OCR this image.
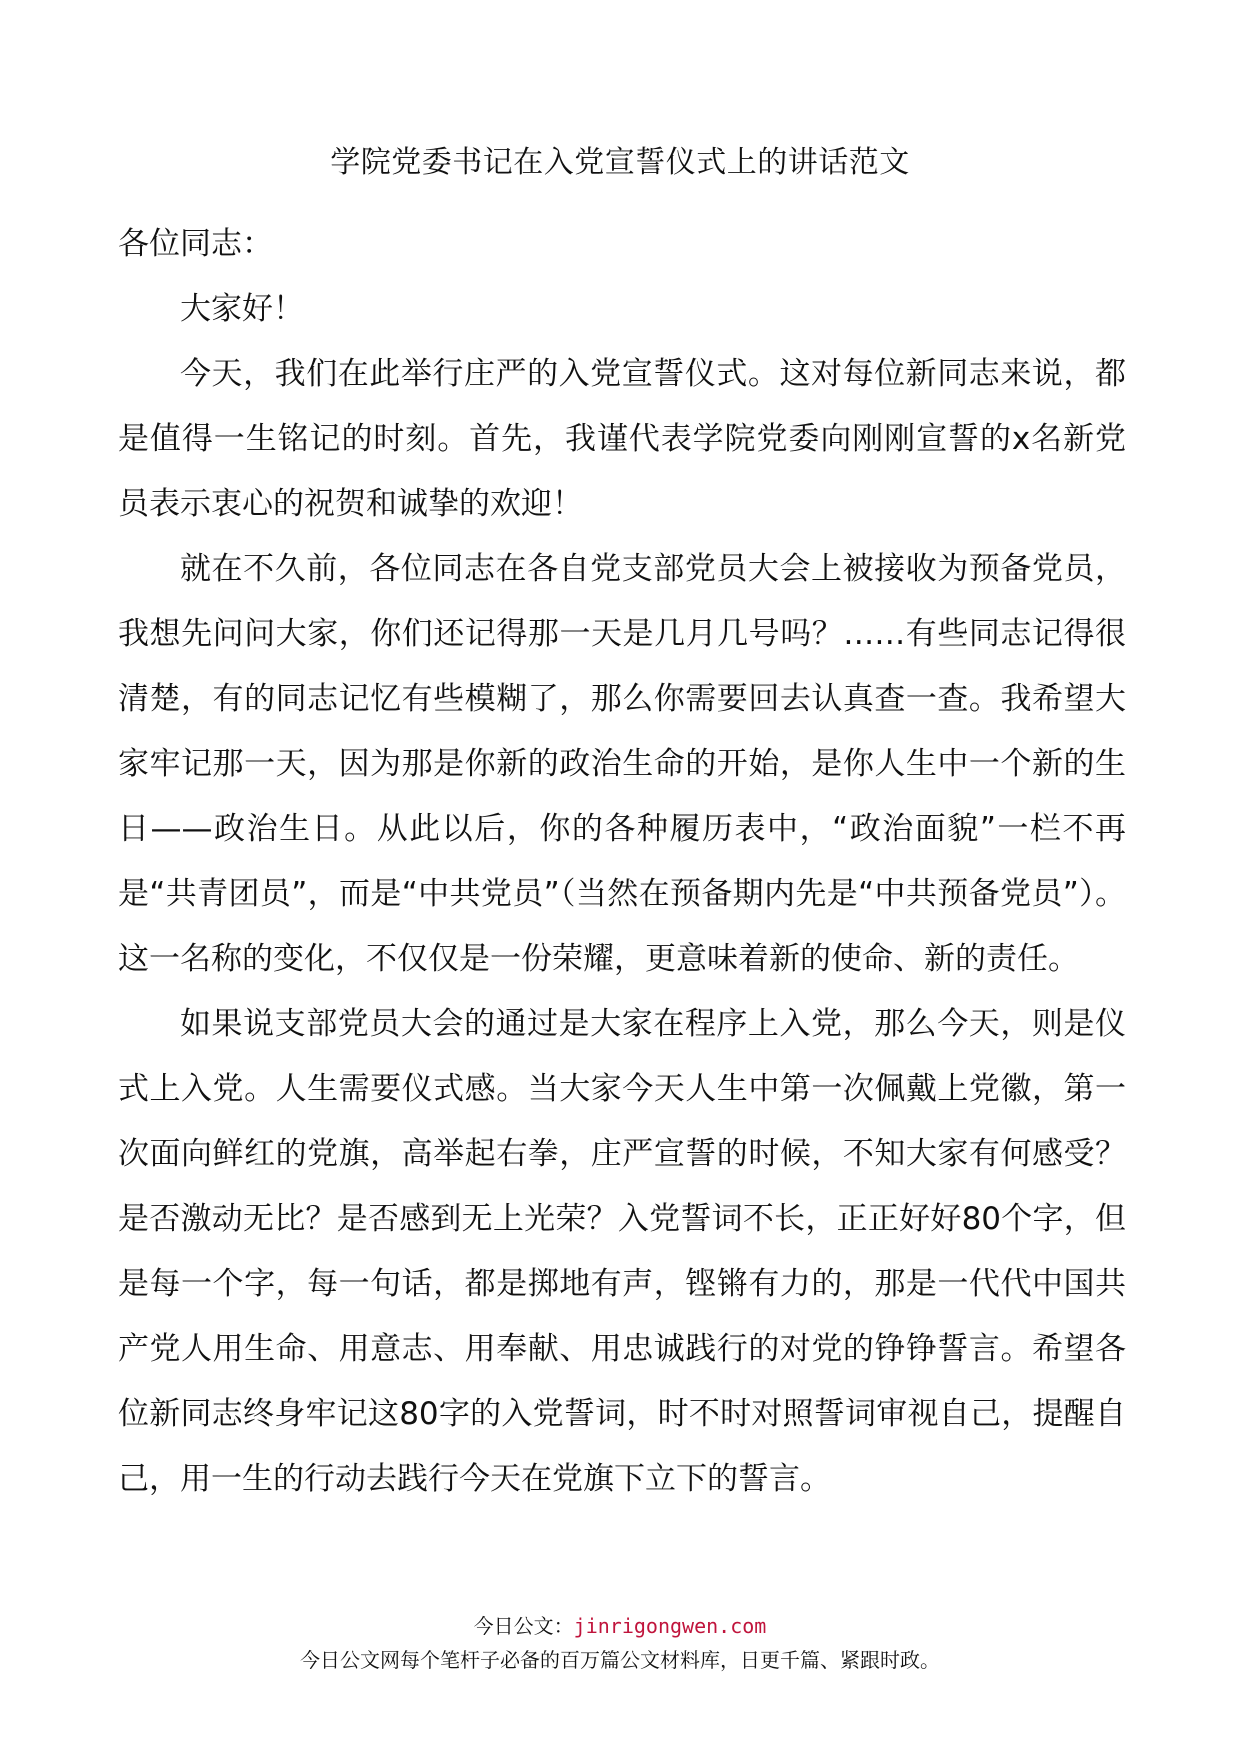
学院党委书记在入党宣誓仪式上的讲话范文

各位同志：

大家好！

今天，我们在此举行庄严的入党宣誓仪式。这对每位新同志来说，都是值得一生铭记的时刻。首先，我谨代表学院党委向刚刚宣誓的x名新党员表示衷心的祝贺和诚挚的欢迎！

就在不久前，各位同志在各自党支部党员大会上被接收为预备党员，我想先问问大家，你们还记得那一天是几月几号吗？……有些同志记得很清楚，有的同志记忆有些模糊了，那么你需要回去认真查一查。我希望大家牢记那一天，因为那是你新的政治生命的开始，是你人生中一个新的生日——政治生日。从此以后，你的各种履历表中，“政治面貌”一栏不再是“共青团员”，而是“中共党员”（当然在预备期内先是“中共预备党员”）。这一名称的变化，不仅仅是一份荣耀，更意味着新的使命、新的责任。

如果说支部党员大会的通过是大家在程序上入党，那么今天，则是仪式上入党。人生需要仪式感。当大家今天人生中第一次佩戴上党徽，第一次面向鲜红的党旗，高举起右拳，庄严宣誓的时候，不知大家有何感受？是否激动无比？是否感到无上光荣？入党誓词不长，正正好好80个字，但是每一个字，每一句话，都是掷地有声，铿锵有力的，那是一代代中国共产党人用生命、用意志、用奉献、用忠诚践行的对党的铮铮誓言。希望各位新同志终身牢记这80字的入党誓词，时不时对照誓词审视自己，提醒自己，用一生的行动去践行今天在党旗下立下的誓言。

今日公文：jinrigongwen.com
今日公文网每个笔杆子必备的百万篇公文材料库，日更千篇、紧跟时政。
